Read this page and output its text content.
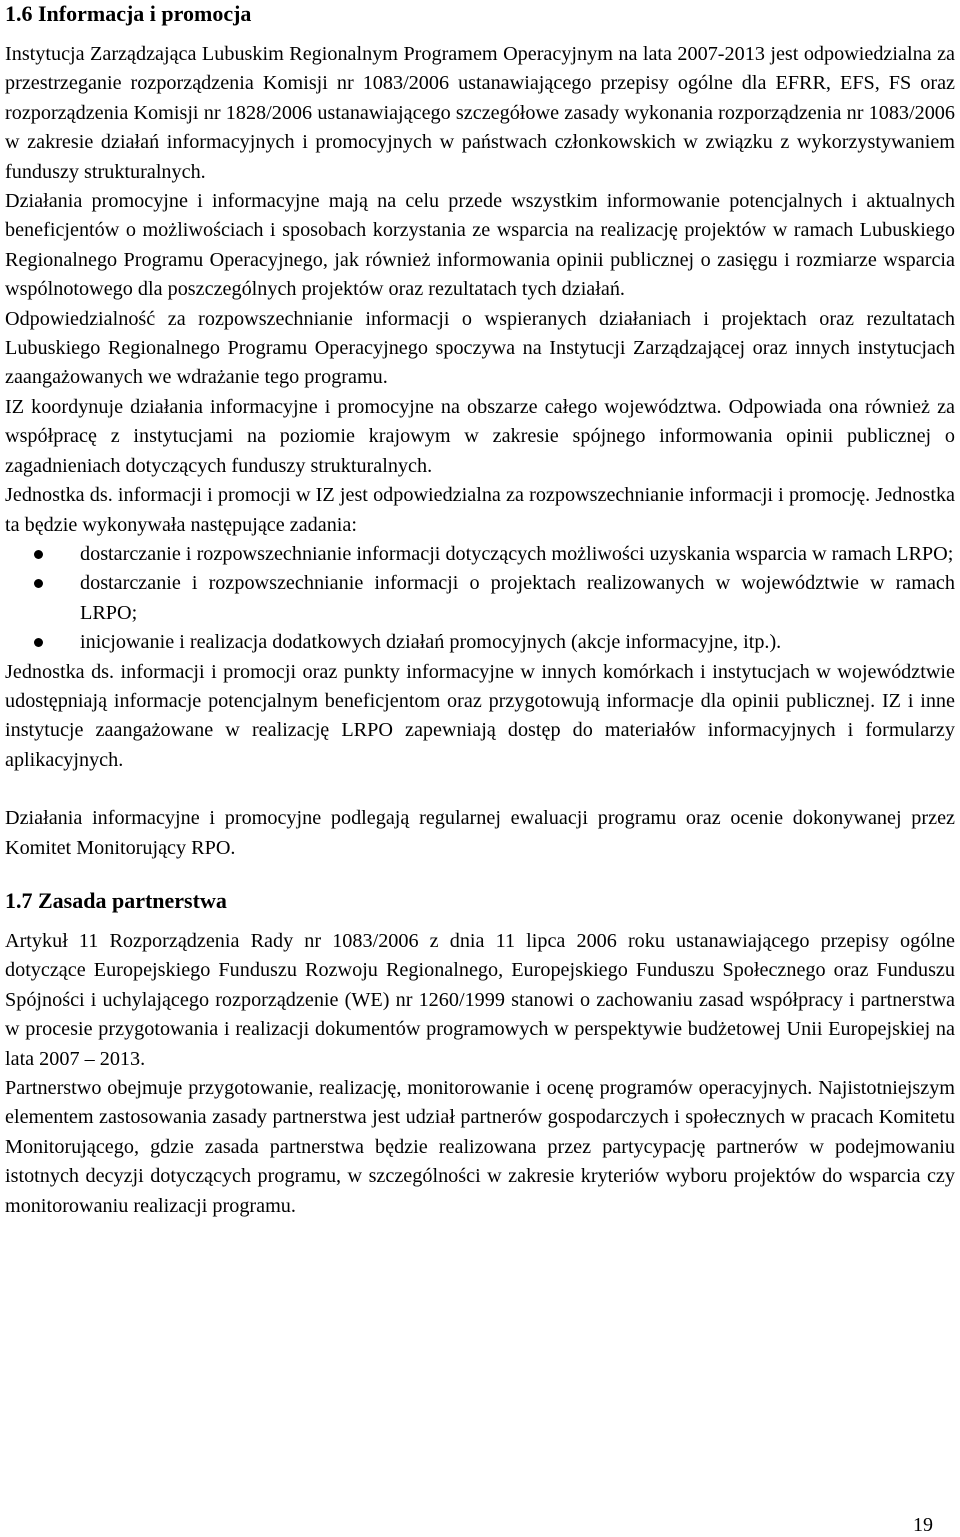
1.6 Informacja i promocja

Instytucja Zarządzająca Lubuskim Regionalnym Programem Operacyjnym na lata 2007-2013 jest odpowiedzialna za przestrzeganie rozporządzenia Komisji nr 1083/2006 ustanawiającego przepisy ogólne dla EFRR, EFS, FS oraz rozporządzenia Komisji nr 1828/2006 ustanawiającego szczegółowe zasady wykonania rozporządzenia nr 1083/2006 w zakresie działań informacyjnych i promocyjnych w państwach członkowskich w związku z wykorzystywaniem funduszy strukturalnych.

Działania promocyjne i informacyjne mają na celu przede wszystkim informowanie potencjalnych i aktualnych beneficjentów o możliwościach i sposobach korzystania ze wsparcia na realizację projektów w ramach Lubuskiego Regionalnego Programu Operacyjnego, jak również informowania opinii publicznej o zasięgu i rozmiarze wsparcia wspólnotowego dla poszczególnych projektów oraz rezultatach tych działań.

Odpowiedzialność za rozpowszechnianie informacji o wspieranych działaniach i projektach oraz rezultatach Lubuskiego Regionalnego Programu Operacyjnego spoczywa na Instytucji Zarządzającej oraz innych instytucjach zaangażowanych we wdrażanie tego programu.

IZ koordynuje działania informacyjne i promocyjne na obszarze całego województwa. Odpowiada ona również za współpracę z instytucjami na poziomie krajowym w zakresie spójnego informowania opinii publicznej o zagadnieniach dotyczących funduszy strukturalnych.

Jednostka ds. informacji i promocji w IZ jest odpowiedzialna za rozpowszechnianie informacji i promocję. Jednostka ta będzie wykonywała następujące zadania:

dostarczanie i rozpowszechnianie informacji dotyczących możliwości uzyskania wsparcia w ramach LRPO;
dostarczanie i rozpowszechnianie informacji o projektach realizowanych w województwie w ramach LRPO;
inicjowanie i realizacja dodatkowych działań promocyjnych (akcje informacyjne, itp.).

Jednostka ds. informacji i promocji oraz punkty informacyjne w innych komórkach i instytucjach w województwie udostępniają informacje potencjalnym beneficjentom oraz przygotowują informacje dla opinii publicznej. IZ i inne instytucje zaangażowane w realizację LRPO zapewniają dostęp do materiałów informacyjnych i formularzy aplikacyjnych.

Działania informacyjne i promocyjne podlegają regularnej ewaluacji programu oraz ocenie dokonywanej przez Komitet Monitorujący RPO.

1.7 Zasada partnerstwa

Artykuł 11 Rozporządzenia Rady nr 1083/2006 z dnia 11 lipca 2006 roku ustanawiającego przepisy ogólne dotyczące Europejskiego Funduszu Rozwoju Regionalnego, Europejskiego Funduszu Społecznego oraz Funduszu Spójności i uchylającego rozporządzenie (WE) nr 1260/1999 stanowi o zachowaniu zasad współpracy i partnerstwa w procesie przygotowania i realizacji dokumentów programowych w perspektywie budżetowej Unii Europejskiej na lata 2007 – 2013.

Partnerstwo obejmuje przygotowanie, realizację, monitorowanie i ocenę programów operacyjnych. Najistotniejszym elementem zastosowania zasady partnerstwa jest udział partnerów gospodarczych i społecznych w pracach Komitetu Monitorującego, gdzie zasada partnerstwa będzie realizowana przez partycypację partnerów w podejmowaniu istotnych decyzji dotyczących programu, w szczególności w zakresie kryteriów wyboru projektów do wsparcia czy monitorowaniu realizacji programu.

19
